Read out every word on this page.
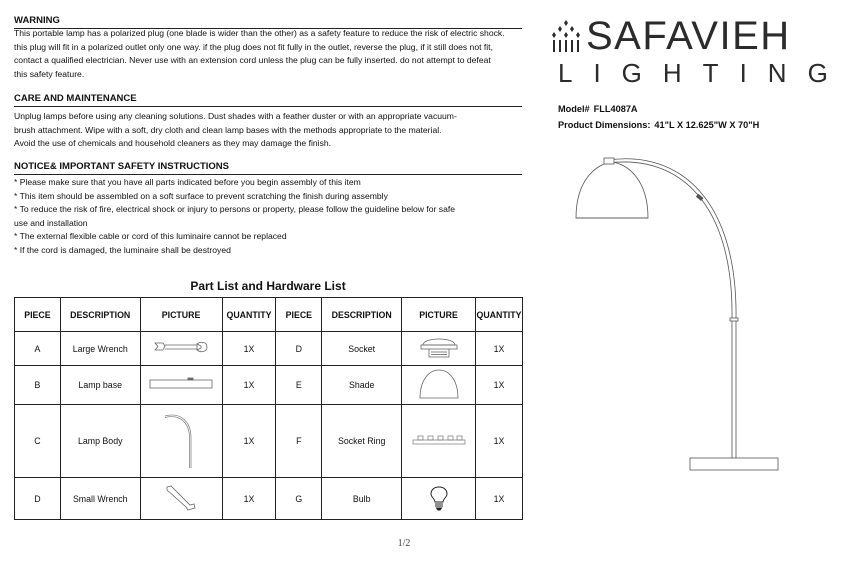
WARNING
This portable lamp has a polarized plug (one blade is wider than the other) as a safety feature to reduce the risk of electric shock.
this plug will fit in a polarized outlet only one way. if the plug does not fit fully in the outlet, reverse the plug, if it still does not fit,
contact a qualified electrician. Never use with an extension cord unless the plug can be fully inserted. do not attempt to defeat
this safety feature.
CARE AND MAINTENANCE
Unplug lamps before using any cleaning solutions. Dust shades with a feather duster or with an appropriate vacuum-
brush attachment. Wipe with a soft, dry cloth and clean lamp bases with the methods appropriate to the material.
Avoid the use of chemicals and household cleaners as they may damage the finish.
NOTICE& IMPORTANT SAFETY INSTRUCTIONS
* Please make sure that you have all parts indicated before you begin assembly of this item
* This item should be assembled on a soft surface to prevent scratching the finish during assembly
* To reduce the risk of fire, electrical shock or injury to persons or property, please follow the guideline below for safe
use and installation
* The external flexible cable or cord of this luminaire cannot be replaced
* If the cord is damaged, the luminaire shall be destroyed
SAFAVIEH
LIGHTING
Model# FLL4087A
Product Dimensions: 41"L X 12.625"W X 70"H
Part List and Hardware List
PIECE	DESCRIPTION	PICTURE	QUANTITY	PIECE	DESCRIPTION	PICTURE	QUANTITY
A	Large Wrench		1X	D	Socket		1X
B	Lamp base		1X	E	Shade		1X
C	Lamp Body		1X	F	Socket Ring		1X
D	Small Wrench		1X	G	Bulb		1X
1/2
